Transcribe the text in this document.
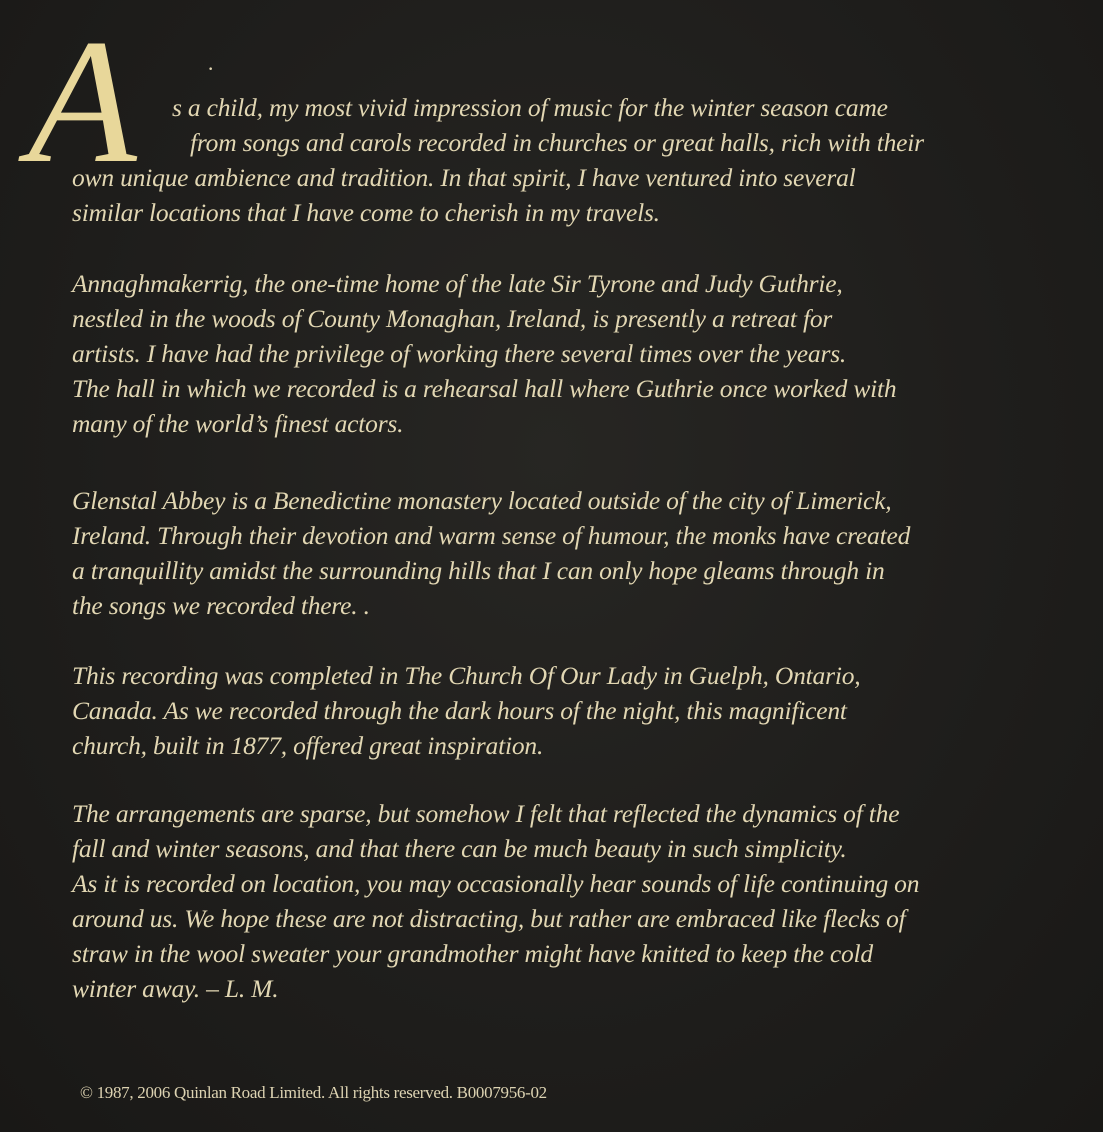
A	·
s a child, my most vivid impression of music for the winter season came
from songs and carols recorded in churches or great halls, rich with their
own unique ambience and tradition. In that spirit, I have ventured into several
similar locations that I have come to cherish in my travels.
Annaghmakerrig, the one-time home of the late Sir Tyrone and Judy Guthrie,
nestled in the woods of County Monaghan, Ireland, is presently a retreat for
artists. I have had the privilege of working there several times over the years.
The hall in which we recorded is a rehearsal hall where Guthrie once worked with
many of the world’s finest actors.
Glenstal Abbey is a Benedictine monastery located outside of the city of Limerick,
Ireland. Through their devotion and warm sense of humour, the monks have created
a tranquillity amidst the surrounding hills that I can only hope gleams through in
the songs we recorded there. .
This recording was completed in The Church Of Our Lady in Guelph, Ontario,
Canada. As we recorded through the dark hours of the night, this magnificent
church, built in 1877, offered great inspiration.
The arrangements are sparse, but somehow I felt that reflected the dynamics of the
fall and winter seasons, and that there can be much beauty in such simplicity.
As it is recorded on location, you may occasionally hear sounds of life continuing on
around us. We hope these are not distracting, but rather are embraced like flecks of
straw in the wool sweater your grandmother might have knitted to keep the cold
winter away. – L. M.
© 1987, 2006 Quinlan Road Limited. All rights reserved. B0007956-02
